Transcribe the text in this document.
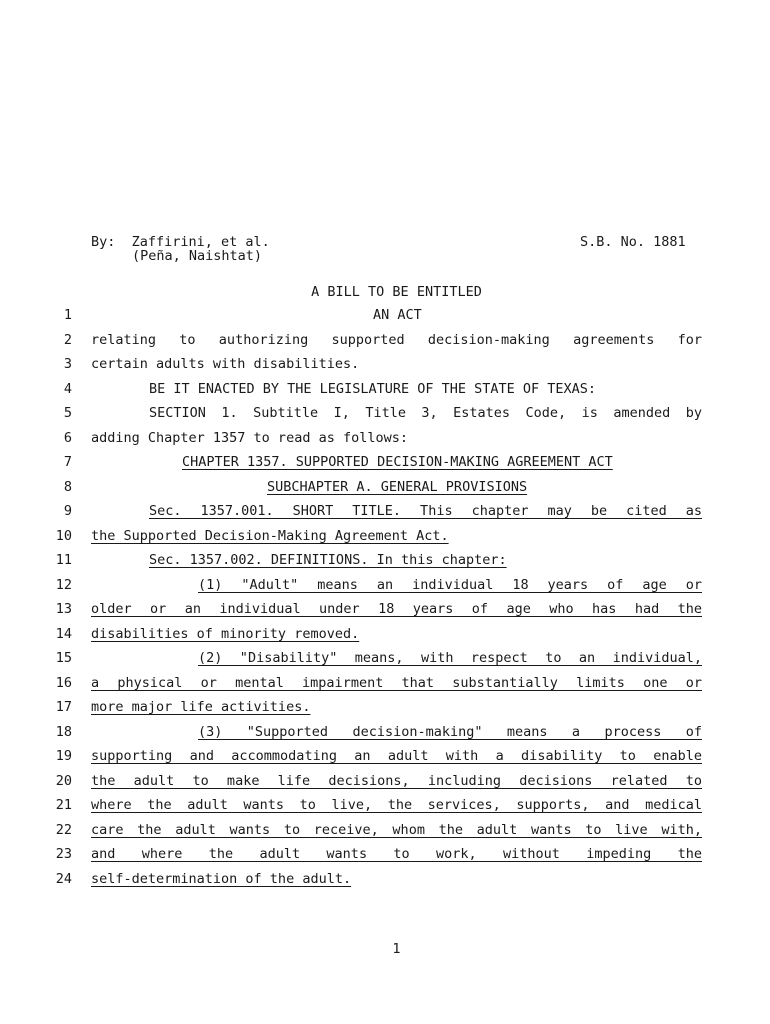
By:  Zaffirini, et al.
(Peña, Naishtat)
S.B. No. 1881
A BILL TO BE ENTITLED
1	AN ACT
2 relating to authorizing supported decision-making agreements for
3 certain adults with disabilities.
4	BE IT ENACTED BY THE LEGISLATURE OF THE STATE OF TEXAS:
5	SECTION 1. Subtitle I, Title 3, Estates Code, is amended by
6 adding Chapter 1357 to read as follows:
7	CHAPTER 1357. SUPPORTED DECISION-MAKING AGREEMENT ACT
8	SUBCHAPTER A. GENERAL PROVISIONS
9	Sec. 1357.001. SHORT TITLE. This chapter may be cited as
10 the Supported Decision-Making Agreement Act.
11	Sec. 1357.002. DEFINITIONS. In this chapter:
12	(1) "Adult" means an individual 18 years of age or
13 older or an individual under 18 years of age who has had the
14 disabilities of minority removed.
15	(2) "Disability" means, with respect to an individual,
16 a physical or mental impairment that substantially limits one or
17 more major life activities.
18	(3) "Supported decision-making" means a process of
19 supporting and accommodating an adult with a disability to enable
20 the adult to make life decisions, including decisions related to
21 where the adult wants to live, the services, supports, and medical
22 care the adult wants to receive, whom the adult wants to live with,
23 and where the adult wants to work, without impeding the
24 self-determination of the adult.
1
